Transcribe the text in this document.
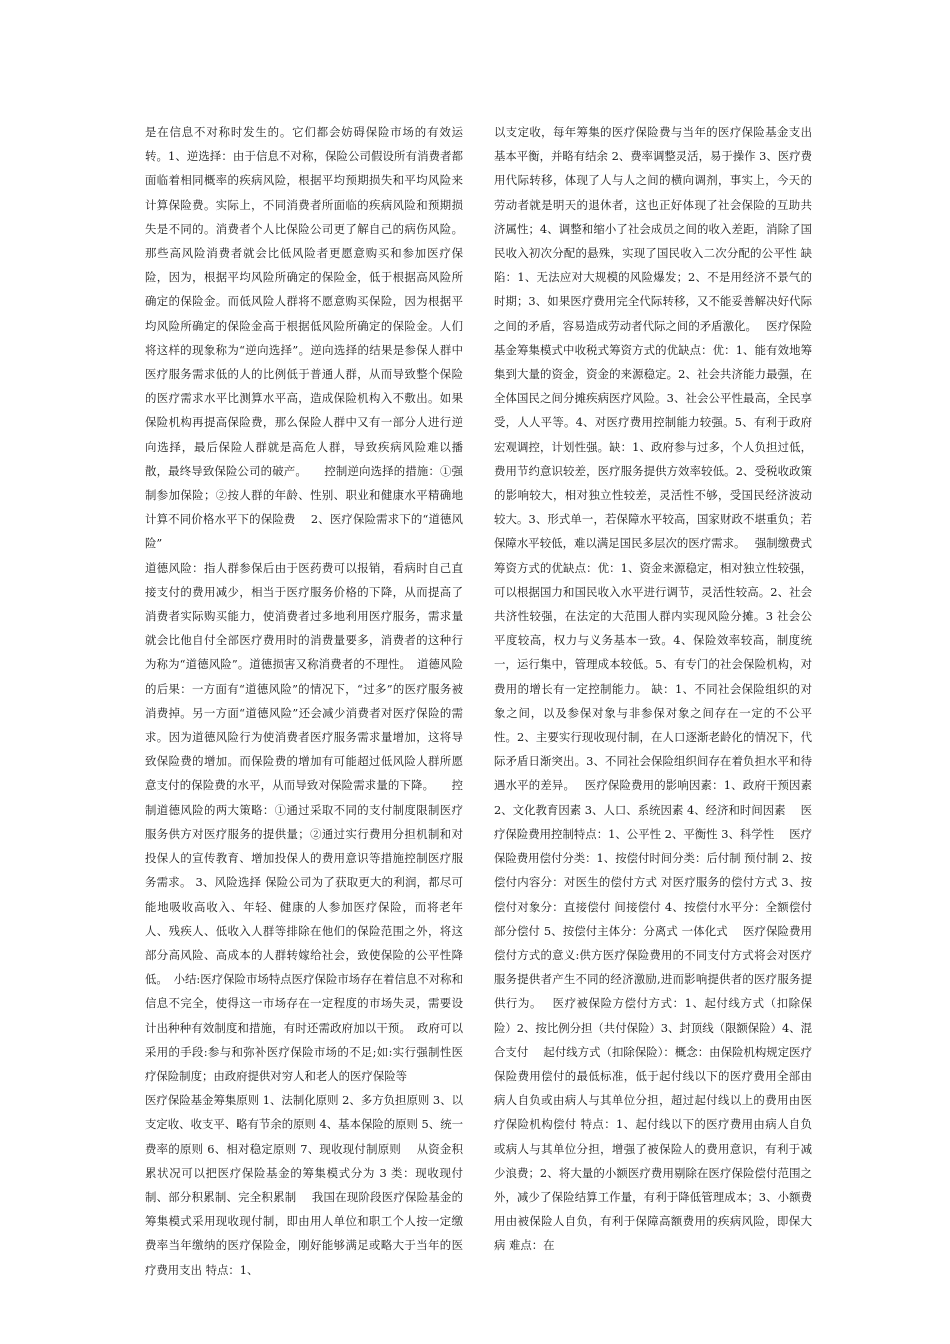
是在信息不对称时发生的。它们都会妨碍保险市场的有效运转。1、逆选择：由于信息不对称，保险公司假设所有消费者都面临着相同概率的疾病风险，根据平均预期损失和平均风险来计算保险费。实际上，不同消费者所面临的疾病风险和预期损失是不同的。消费者个人比保险公司更了解自己的病伤风险。那些高风险消费者就会比低风险者更愿意购买和参加医疗保险，因为，根据平均风险所确定的保险金，低于根据高风险所确定的保险金。而低风险人群将不愿意购买保险，因为根据平均风险所确定的保险金高于根据低风险所确定的保险金。人们将这样的现象称为“逆向选择”。逆向选择的结果是参保人群中医疗服务需求低的人的比例低于普通人群，从而导致整个保险的医疗需求水平比测算水平高，造成保险机构入不敷出。如果保险机构再提高保险费，那么保险人群中又有一部分人进行逆向选择，最后保险人群就是高危人群，导致疾病风险难以播散，最终导致保险公司的破产。　　控制逆向选择的措施：①强制参加保险；②按人群的年龄、性别、职业和健康水平精确地计算不同价格水平下的保险费　 2、医疗保险需求下的“道德风险”

道德风险：指人群参保后由于医药费可以报销，看病时自己直接支付的费用减少，相当于医疗服务价格的下降，从而提高了消费者实际购买能力，使消费者过多地利用医疗服务，需求量就会比他自付全部医疗费用时的消费量要多，消费者的这种行为称为“道德风险”。道德损害又称消费者的不理性。　道德风险的后果：一方面有“道德风险”的情况下，“过多”的医疗服务被消费掉。另一方面“道德风险”还会减少消费者对医疗保险的需求。因为道德风险行为使消费者医疗服务需求量增加，这将导致保险费的增加。而保险费的增加有可能超过低风险人群所愿意支付的保险费的水平，从而导致对保险需求量的下降。　　控制道德风险的两大策略：①通过采取不同的支付制度限制医疗服务供方对医疗服务的提供量；②通过实行费用分担机制和对投保人的宣传教育、增加投保人的费用意识等措施控制医疗服务需求。 3、风险选择 保险公司为了获取更大的利润，都尽可能地吸收高收入、年轻、健康的人参加医疗保险，而将老年人、残疾人、低收入人群等排除在他们的保险范围之外，将这部分高风险、高成本的人群转嫁给社会，致使保险的公平性降低。　小结:医疗保险市场特点医疗保险市场存在着信息不对称和信息不完全，使得这一市场存在一定程度的市场失灵，需要设计出种种有效制度和措施，有时还需政府加以干预。　政府可以采用的手段:参与和弥补医疗保险市场的不足;如:实行强制性医疗保险制度；由政府提供对穷人和老人的医疗保险等

医疗保险基金筹集原则 1、法制化原则 2、多方负担原则 3、以支定收、收支平、略有节余的原则 4、基本保险的原则 5、统一费率的原则 6、相对稳定原则 7、现收现付制原则　 从资金积累状况可以把医疗保险基金的筹集模式分为 3 类：现收现付制、部分积累制、完全积累制　 我国在现阶段医疗保险基金的筹集模式采用现收现付制，即由用人单位和职工个人按一定缴费率当年缴纳的医疗保险金，刚好能够满足或略大于当年的医疗费用支出 特点：1、

以支定收，每年筹集的医疗保险费与当年的医疗保险基金支出基本平衡，并略有结余 2、费率调整灵活，易于操作 3、医疗费用代际转移，体现了人与人之间的横向调剂，事实上，今天的劳动者就是明天的退休者，这也正好体现了社会保险的互助共济属性；4、调整和缩小了社会成员之间的收入差距，消除了国民收入初次分配的悬殊，实现了国民收入二次分配的公平性 缺陷：1、无法应对大规模的风险爆发；2、不是用经济不景气的时期；3、如果医疗费用完全代际转移，又不能妥善解决好代际之间的矛盾，容易造成劳动者代际之间的矛盾激化。　 医疗保险基金筹集模式中收税式筹资方式的优缺点：优：1、能有效地筹集到大量的资金，资金的来源稳定。2、社会共济能力最强，在全体国民之间分摊疾病医疗风险。3、社会公平性最高，全民享受，人人平等。4、对医疗费用控制能力较强。5、有利于政府宏观调控，计划性强。缺：1、政府参与过多，个人负担过低，费用节约意识较差，医疗服务提供方效率较低。2、受税收政策的影响较大，相对独立性较差，灵活性不够，受国民经济波动较大。3、形式单一，若保障水平较高，国家财政不堪重负；若保障水平较低，难以满足国民多层次的医疗需求。　 强制缴费式筹资方式的优缺点：优：1、资金来源稳定，相对独立性较强，可以根据国力和国民收入水平进行调节，灵活性较高。2、社会共济性较强，在法定的大范围人群内实现风险分摊。3 社会公平度较高，权力与义务基本一致。4、保险效率较高，制度统一，运行集中，管理成本较低。5、有专门的社会保险机构，对费用的增长有一定控制能力。 缺：1、不同社会保险组织的对象之间，以及参保对象与非参保对象之间存在一定的不公平性。2、主要实行现收现付制，在人口逐渐老龄化的情况下，代际矛盾日渐突出。3、不同社会保险组织间存在着负担水平和待遇水平的差异。　 医疗保险费用的影响因素：1、政府干预因素 2、文化教育因素 3、人口、系统因素 4、经济和时间因素　 医疗保险费用控制特点：1、公平性 2、平衡性 3、科学性　 医疗保险费用偿付分类：1、按偿付时间分类：后付制 预付制 2、按偿付内容分：对医生的偿付方式 对医疗服务的偿付方式 3、按偿付对象分：直接偿付 间接偿付 4、按偿付水平分：全额偿付 部分偿付 5、按偿付主体分：分离式 一体化式　 医疗保险费用偿付方式的意义:供方医疗保险费用的不同支付方式将会对医疗服务提供者产生不同的经济激励,进而影响提供者的医疗服务提供行为。　 医疗被保险方偿付方式：1、起付线方式（扣除保险）2、按比例分担（共付保险）3、封顶线（限额保险）4、混合支付　 起付线方式（扣除保险）：概念：由保险机构规定医疗保险费用偿付的最低标准，低于起付线以下的医疗费用全部由病人自负或由病人与其单位分担，超过起付线以上的费用由医疗保险机构偿付 特点：1、起付线以下的医疗费用由病人自负或病人与其单位分担，增强了被保险人的费用意识，有利于减少浪费；2、将大量的小额医疗费用剔除在医疗保险偿付范围之外，减少了保险结算工作量，有利于降低管理成本；3、小额费用由被保险人自负，有利于保障高额费用的疾病风险，即保大病 难点：在
